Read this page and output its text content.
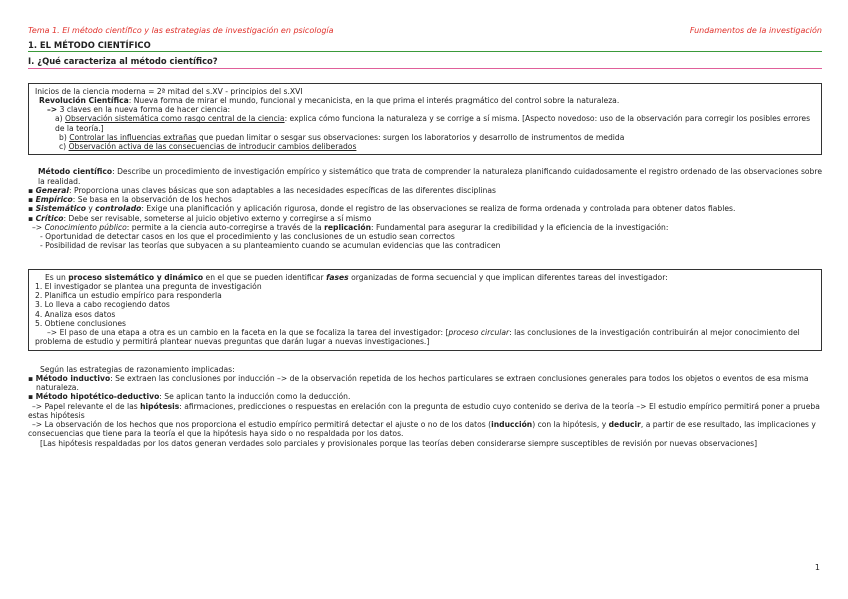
Tema 1. El método científico y las estrategias de investigación en psicología	Fundamentos de la investigación
1. EL MÉTODO CIENTÍFICO
I. ¿Qué caracteriza al método científico?

Inicios de la ciencia moderna = 2ª mitad del s.XV - principios del s.XVI

Revolución Científica: Nueva forma de mirar el mundo, funcional y mecanicista, en la que prima el interés pragmático del control sobre la naturaleza.

–> 3 claves en la nueva forma de hacer ciencia:

a) Observación sistemática como rasgo central de la ciencia: explica cómo funciona la naturaleza y se corrige a sí misma. [Aspecto novedoso: uso de la observación para corregir los posibles errores de la teoría.]

b) Controlar las influencias extrañas que puedan limitar o sesgar sus observaciones: surgen los laboratorios y desarrollo de instrumentos de medida

c) Observación activa de las consecuencias de introducir cambios deliberados

Método científico: Describe un procedimiento de investigación empírico y sistemático que trata de comprender la naturaleza planificando cuidadosamente el registro ordenado de las observaciones sobre la realidad.

▪ General: Proporciona unas claves básicas que son adaptables a las necesidades específicas de las diferentes disciplinas

▪ Empírico: Se basa en la observación de los hechos

▪ Sistemático y controlado: Exige una planificación y aplicación rigurosa, donde el registro de las observaciones se realiza de forma ordenada y controlada para obtener datos fiables.

▪ Crítico: Debe ser revisable, someterse al juicio objetivo externo y corregirse a sí mismo

–> Conocimiento público: permite a la ciencia auto-corregirse a través de la replicación: Fundamental para asegurar la credibilidad y la eficiencia de la investigación:

- Oportunidad de detectar casos en los que el procedimiento y las conclusiones de un estudio sean correctos

- Posibilidad de revisar las teorías que subyacen a su planteamiento cuando se acumulan evidencias que las contradicen

Es un proceso sistemático y dinámico en el que se pueden identificar fases organizadas de forma secuencial y que implican diferentes tareas del investigador:

1. El investigador se plantea una pregunta de investigación
2. Planifica un estudio empírico para responderla
3. Lo lleva a cabo recogiendo datos
4. Analiza esos datos
5. Obtiene conclusiones

–> El paso de una etapa a otra es un cambio en la faceta en la que se focaliza la tarea del investigador: [proceso circular: las conclusiones de la investigación contribuirán al mejor conocimiento del problema de estudio y permitirá plantear nuevas preguntas que darán lugar a nuevas investigaciones.]

Según las estrategias de razonamiento implicadas:

▪ Método inductivo: Se extraen las conclusiones por inducción –> de la observación repetida de los hechos particulares se extraen conclusiones generales para todos los objetos o eventos de esa misma naturaleza.

▪ Método hipotético-deductivo: Se aplican tanto la inducción como la deducción.

–> Papel relevante el de las hipótesis: afirmaciones, predicciones o respuestas en erelación con la pregunta de estudio cuyo contenido se deriva de la teoría –> El estudio empírico permitirá poner a prueba estas hipótesis

–> La observación de los hechos que nos proporciona el estudio empírico permitirá detectar el ajuste o no de los datos (inducción) con la hipótesis, y deducir, a partir de ese resultado, las implicaciones y consecuencias que tiene para la teoría el que la hipótesis haya sido o no respaldada por los datos.

[Las hipótesis respaldadas por los datos generan verdades solo parciales y provisionales porque las teorías deben considerarse siempre susceptibles de revisión por nuevas observaciones]

1
